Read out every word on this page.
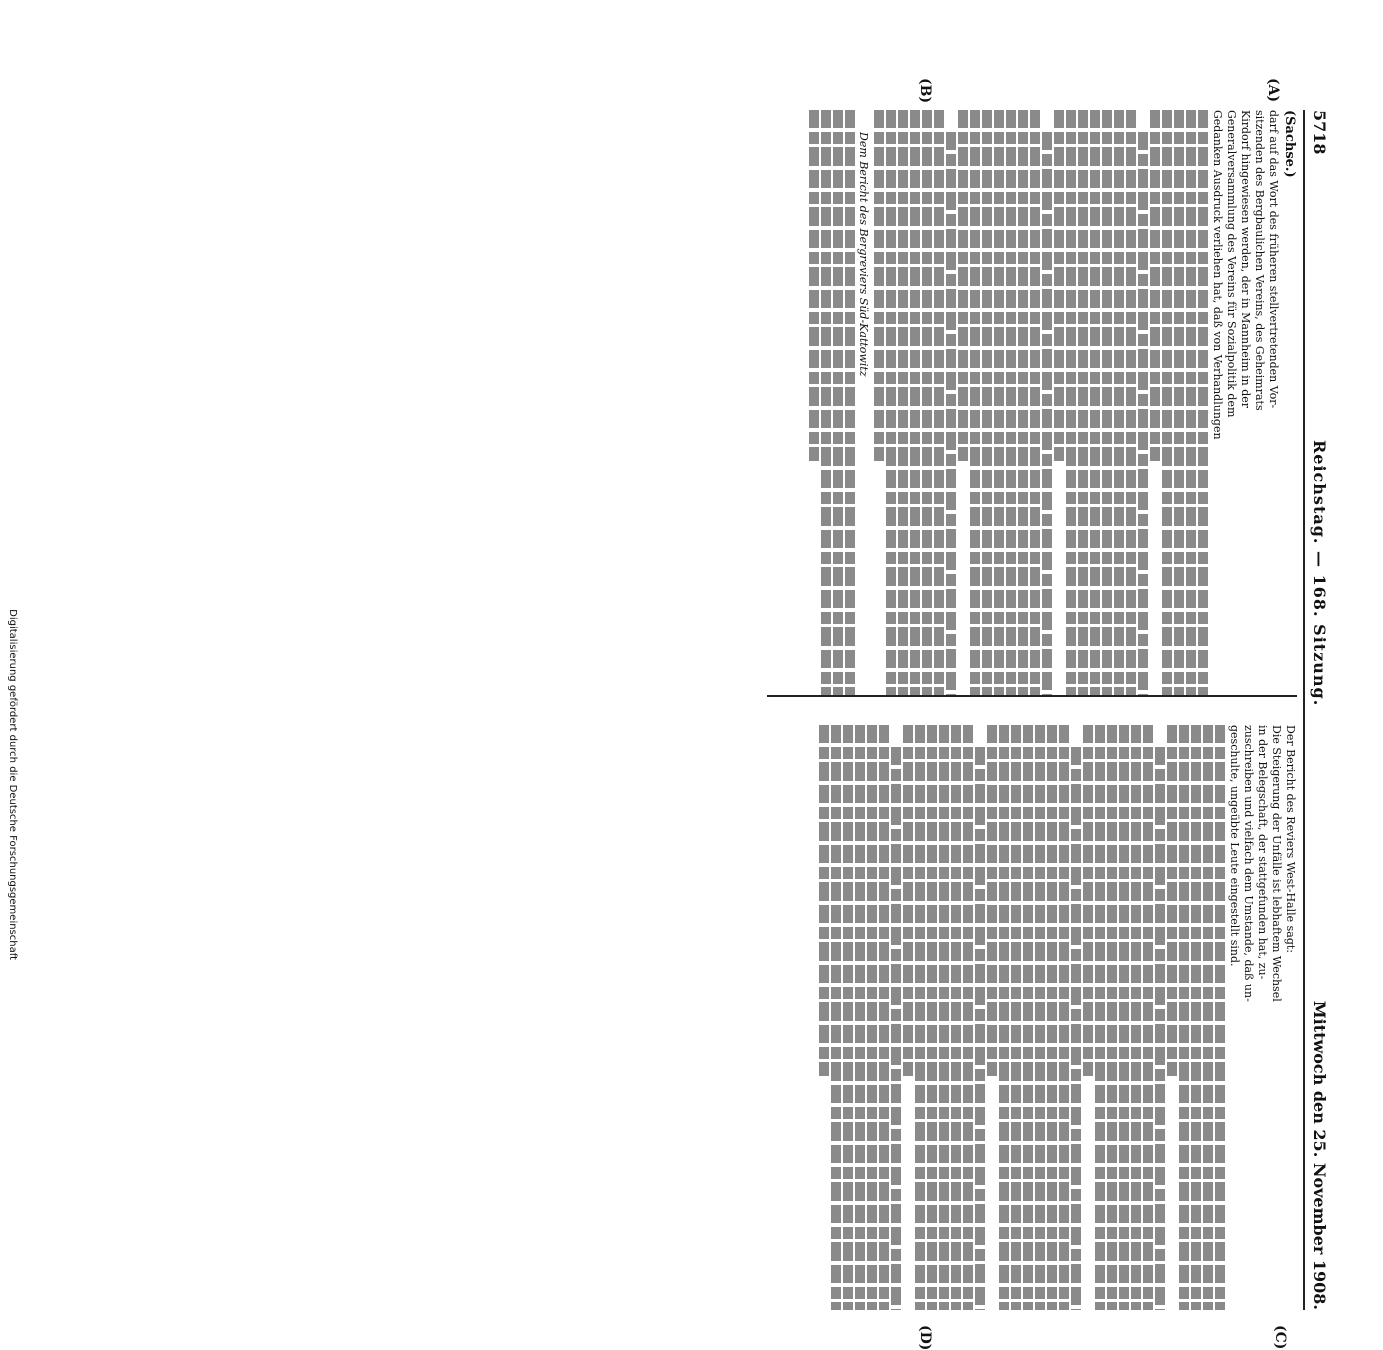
5718
Reichstag. — 168. Sitzung.
Mittwoch den 25. November 1908.
(A)
(B)
(C)
(D)
(Sachse.)
darf auf das Wort des früheren stellvertretenden Vor-
sitzenden des Bergbaulichen Vereins, des Geheimrats
Kirdorf hingewiesen werden, der in Mannheim in der
Generalversammlung des Vereins für Sozialpolitik dem
Gedanken Ausdruck verliehen hat, daß von Verhandlungen
Dem Bericht des Bergreviers Süd-Kattowitz
Der Bericht des Reviers West-Halle sagt:
Die Steigerung der Unfälle ist lebhaftem Wechsel
in der Belegschaft, der stattgefunden hat, zu-
zuschreiben und vielfach dem Umstande, daß un-
geschulte, ungeübte Leute eingestellt sind.
Digitalisierung gefördert durch die Deutsche Forschungsgemeinschaft
